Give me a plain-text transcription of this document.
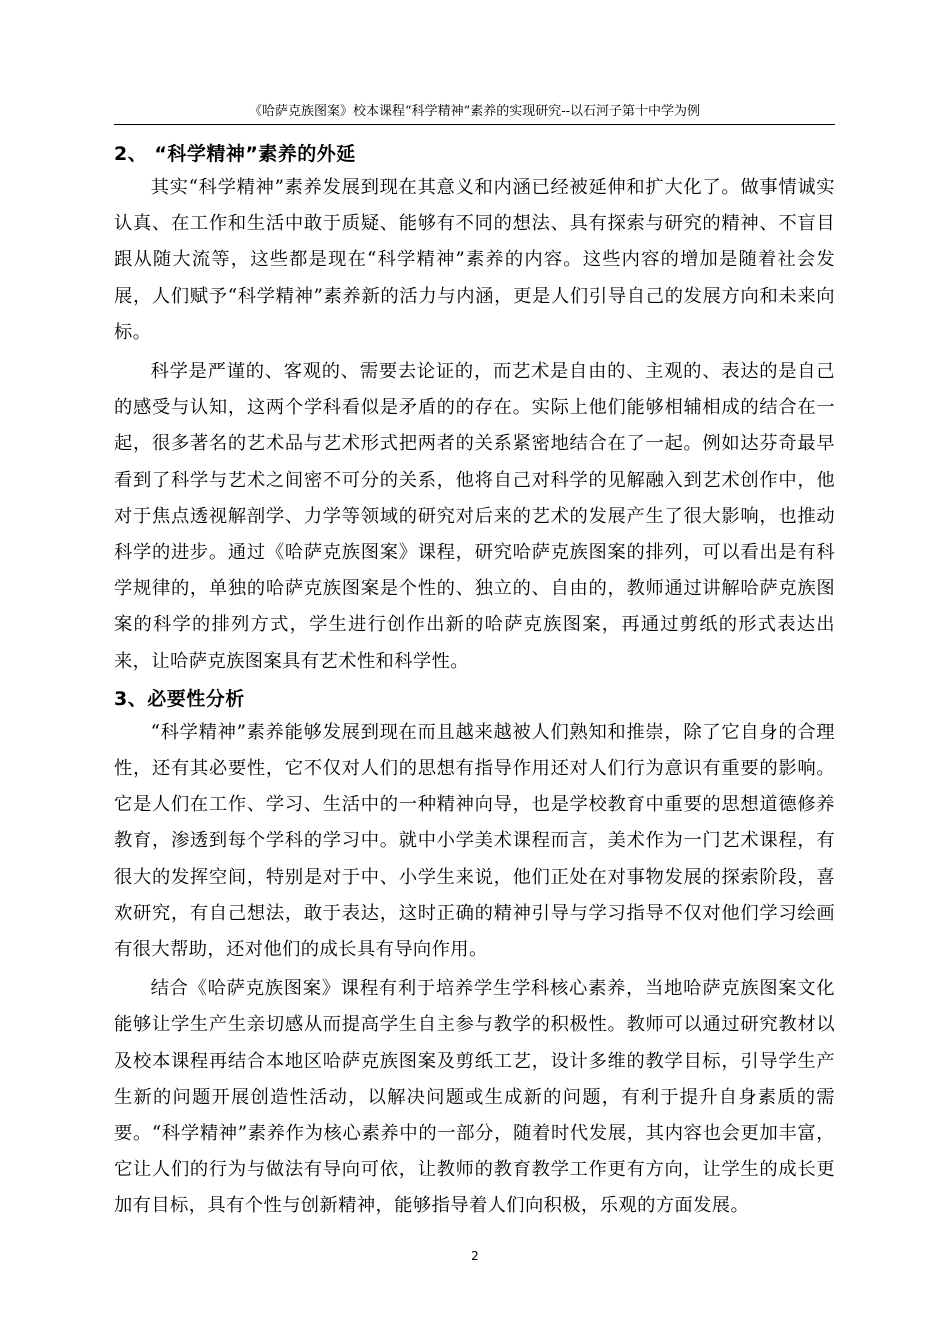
《哈萨克族图案》校本课程“科学精神”素养的实现研究--以石河子第十中学为例
2、 “科学精神”素养的外延

其实“科学精神”素养发展到现在其意义和内涵已经被延伸和扩大化了。做事情诚实认真、在工作和生活中敢于质疑、能够有不同的想法、具有探索与研究的精神、不盲目跟从随大流等，这些都是现在“科学精神”素养的内容。这些内容的增加是随着社会发展，人们赋予“科学精神”素养新的活力与内涵，更是人们引导自己的发展方向和未来向标。

科学是严谨的、客观的、需要去论证的，而艺术是自由的、主观的、表达的是自己的感受与认知，这两个学科看似是矛盾的的存在。实际上他们能够相辅相成的结合在一起，很多著名的艺术品与艺术形式把两者的关系紧密地结合在了一起。例如达芬奇最早看到了科学与艺术之间密不可分的关系，他将自己对科学的见解融入到艺术创作中，他对于焦点透视解剖学、力学等领域的研究对后来的艺术的发展产生了很大影响，也推动科学的进步。通过《哈萨克族图案》课程，研究哈萨克族图案的排列，可以看出是有科学规律的，单独的哈萨克族图案是个性的、独立的、自由的，教师通过讲解哈萨克族图案的科学的排列方式，学生进行创作出新的哈萨克族图案，再通过剪纸的形式表达出来，让哈萨克族图案具有艺术性和科学性。

3、必要性分析

“科学精神”素养能够发展到现在而且越来越被人们熟知和推崇，除了它自身的合理性，还有其必要性，它不仅对人们的思想有指导作用还对人们行为意识有重要的影响。它是人们在工作、学习、生活中的一种精神向导，也是学校教育中重要的思想道德修养教育，渗透到每个学科的学习中。就中小学美术课程而言，美术作为一门艺术课程，有很大的发挥空间，特别是对于中、小学生来说，他们正处在对事物发展的探索阶段，喜欢研究，有自己想法，敢于表达，这时正确的精神引导与学习指导不仅对他们学习绘画有很大帮助，还对他们的成长具有导向作用。

结合《哈萨克族图案》课程有利于培养学生学科核心素养，当地哈萨克族图案文化能够让学生产生亲切感从而提高学生自主参与教学的积极性。教师可以通过研究教材以及校本课程再结合本地区哈萨克族图案及剪纸工艺，设计多维的教学目标，引导学生产生新的问题开展创造性活动，以解决问题或生成新的问题，有利于提升自身素质的需要。“科学精神”素养作为核心素养中的一部分，随着时代发展，其内容也会更加丰富，它让人们的行为与做法有导向可依，让教师的教育教学工作更有方向，让学生的成长更加有目标，具有个性与创新精神，能够指导着人们向积极，乐观的方面发展。

2
